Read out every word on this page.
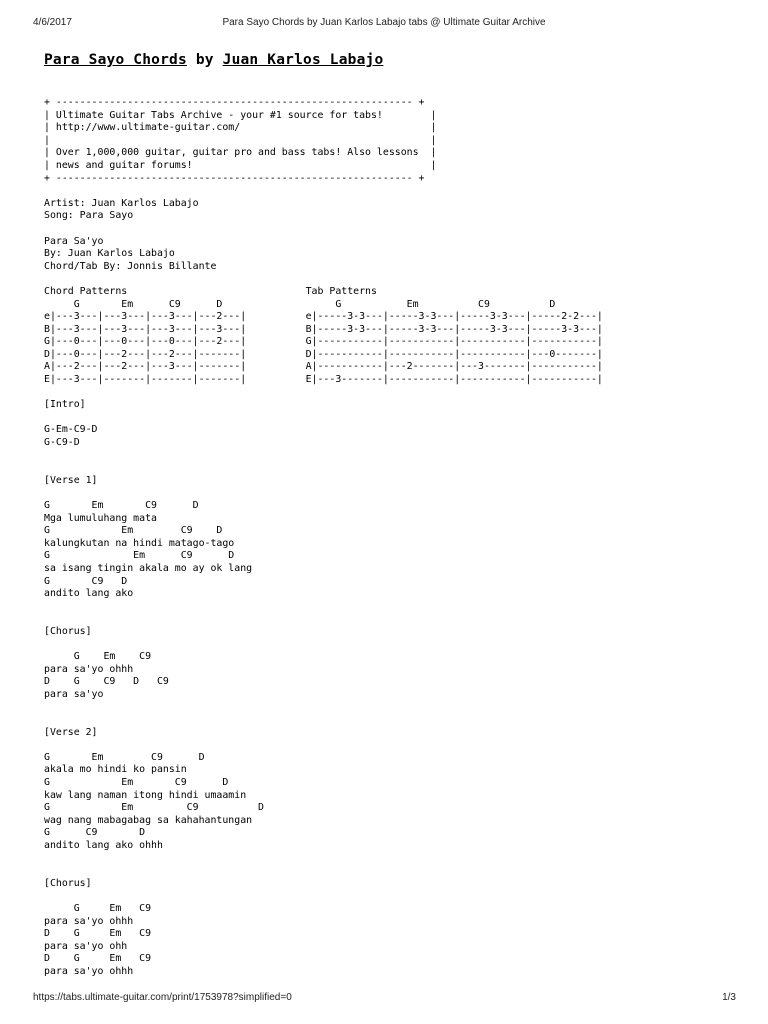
4/6/2017	Para Sayo Chords by Juan Karlos Labajo tabs @ Ultimate Guitar Archive
Para Sayo Chords by Juan Karlos Labajo
+ ------------------------------------------------------------ +
| Ultimate Guitar Tabs Archive - your #1 source for tabs!        |
| http://www.ultimate-guitar.com/                                |
|                                                                |
| Over 1,000,000 guitar, guitar pro and bass tabs! Also lessons  |
| news and guitar forums!                                        |
+ ------------------------------------------------------------ +

Artist: Juan Karlos Labajo
Song: Para Sayo

Para Sa'yo
By: Juan Karlos Labajo
Chord/Tab By: Jonnis Billante

Chord Patterns                              Tab Patterns
G       Em      C9      D                   G           Em          C9          D
e|---3---|---3---|---3---|---2---|          e|-----3-3---|-----3-3---|-----3-3---|-----2-2---|
B|---3---|---3---|---3---|---3---|          B|-----3-3---|-----3-3---|-----3-3---|-----3-3---|
G|---0---|---0---|---0---|---2---|          G|-----------|-----------|-----------|-----------|
D|---0---|---2---|---2---|-------|          D|-----------|-----------|-----------|---0-------|
A|---2---|---2---|---3---|-------|          A|-----------|---2-------|---3-------|-----------|
E|---3---|-------|-------|-------|          E|---3-------|-----------|-----------|-----------|

[Intro]

G-Em-C9-D
G-C9-D

[Verse 1]

G       Em       C9      D
Mga lumuluhang mata
G            Em        C9    D
kalungkutan na hindi matago-tago
G              Em      C9      D
sa isang tingin akala mo ay ok lang
G       C9   D
andito lang ako

[Chorus]

G    Em    C9
para sa'yo ohhh
D    G    C9   D   C9
para sa'yo

[Verse 2]

G       Em        C9      D
akala mo hindi ko pansin
G            Em       C9      D
kaw lang naman itong hindi umaamin
G            Em         C9          D
wag nang mabagabag sa kahahantungan
G      C9       D
andito lang ako ohhh

[Chorus]

G     Em   C9
para sa'yo ohhh
D    G     Em   C9
para sa'yo ohh
D    G     Em   C9
para sa'yo ohhh
https://tabs.ultimate-guitar.com/print/1753978?simplified=0	1/3
